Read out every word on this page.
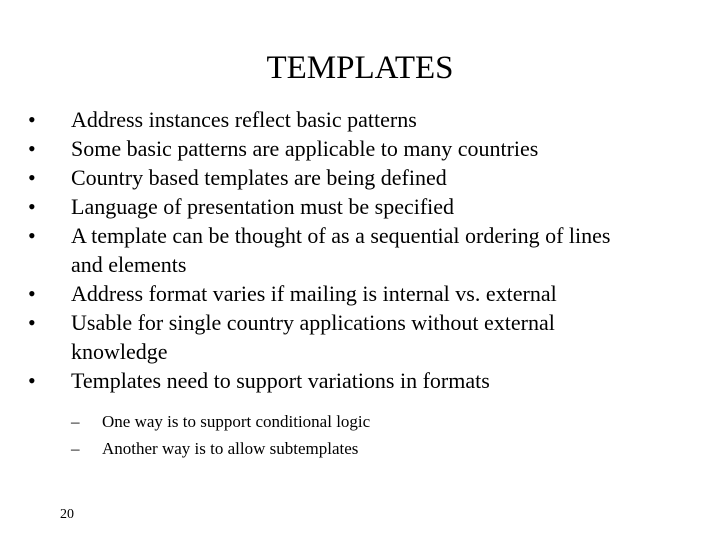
TEMPLATES
•	Address instances reflect basic patterns
•	Some basic patterns are applicable to many countries
•	Country based templates are being defined
•	Language of presentation must be specified
•	A template can be thought of as a sequential ordering of lines and elements
•	Address format varies if mailing is internal vs. external
•	Usable for single country applications without external knowledge
•	Templates need to support variations in formats
– One way is to support conditional logic
– Another way is to allow subtemplates
20
